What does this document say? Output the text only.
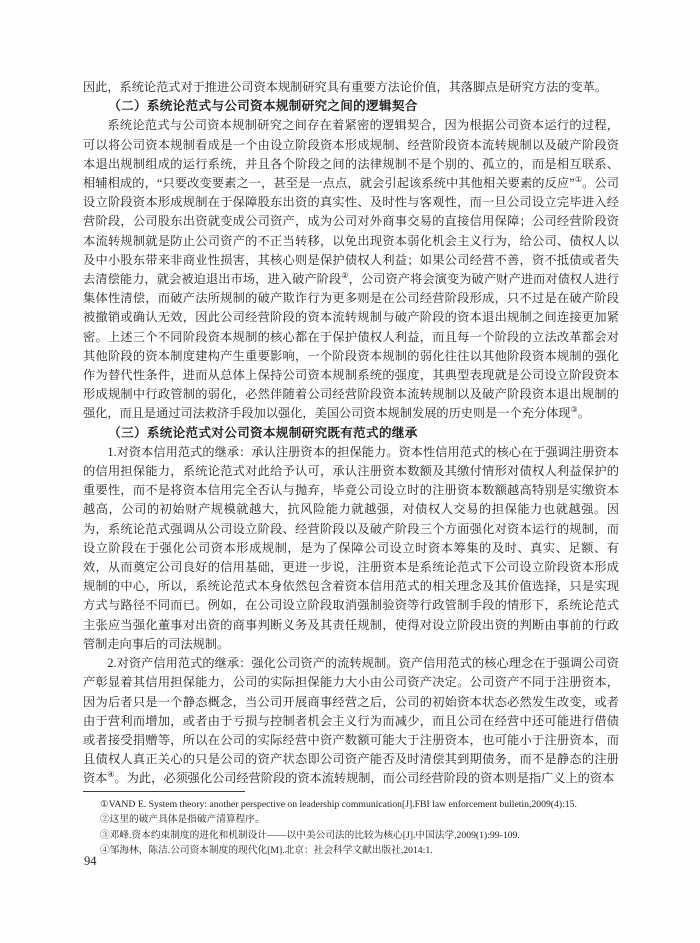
因此，系统论范式对于推进公司资本规制研究具有重要方法论价值，其落脚点是研究方法的变革。

（二）系统论范式与公司资本规制研究之间的逻辑契合

系统论范式与公司资本规制研究之间存在着紧密的逻辑契合，因为根据公司资本运行的过程，可以将公司资本规制看成是一个由设立阶段资本形成规制、经营阶段资本流转规制以及破产阶段资本退出规制组成的运行系统，并且各个阶段之间的法律规制不是个别的、孤立的，而是相互联系、相辅相成的，“只要改变要素之一，甚至是一点点，就会引起该系统中其他相关要素的反应”①。公司设立阶段资本形成规制在于保障股东出资的真实性、及时性与客观性，而一旦公司设立完毕进入经营阶段，公司股东出资就变成公司资产，成为公司对外商事交易的直接信用保障；公司经营阶段资本流转规制就是防止公司资产的不正当转移，以免出现资本弱化机会主义行为，给公司、债权人以及中小股东带来非商业性损害，其核心则是保护债权人利益；如果公司经营不善，资不抵债或者失去清偿能力，就会被迫退出市场，进入破产阶段②，公司资产将会演变为破产财产进而对债权人进行集体性清偿，而破产法所规制的破产欺诈行为更多则是在公司经营阶段形成，只不过是在破产阶段被撤销或确认无效，因此公司经营阶段的资本流转规制与破产阶段的资本退出规制之间连接更加紧密。上述三个不同阶段资本规制的核心都在于保护债权人利益，而且每一个阶段的立法改革都会对其他阶段的资本制度建构产生重要影响，一个阶段资本规制的弱化往往以其他阶段资本规制的强化作为替代性条件，进而从总体上保持公司资本规制系统的强度，其典型表现就是公司设立阶段资本形成规制中行政管制的弱化，必然伴随着公司经营阶段资本流转规制以及破产阶段资本退出规制的强化，而且是通过司法救济手段加以强化，美国公司资本规制发展的历史则是一个充分体现③。

（三）系统论范式对公司资本规制研究既有范式的继承

1.对资本信用范式的继承：承认注册资本的担保能力。资本性信用范式的核心在于强调注册资本的信用担保能力，系统论范式对此给予认可，承认注册资本数额及其缴付情形对债权人利益保护的重要性，而不是将资本信用完全否认与抛弃，毕竟公司设立时的注册资本数额越高特别是实缴资本越高，公司的初始财产规模就越大，抗风险能力就越强，对债权人交易的担保能力也就越强。因为，系统论范式强调从公司设立阶段、经营阶段以及破产阶段三个方面强化对资本运行的规制，而设立阶段在于强化公司资本形成规制，是为了保障公司设立时资本筹集的及时、真实、足额、有效，从而奠定公司良好的信用基础，更进一步说，注册资本是系统论范式下公司设立阶段资本形成规制的中心，所以，系统论范式本身依然包含着资本信用范式的相关理念及其价值选择，只是实现方式与路径不同而已。例如，在公司设立阶段取消强制验资等行政管制手段的情形下，系统论范式主张应当强化董事对出资的商事判断义务及其责任规制，使得对设立阶段出资的判断由事前的行政管制走向事后的司法规制。

2.对资产信用范式的继承：强化公司资产的流转规制。资产信用范式的核心理念在于强调公司资产彰显着其信用担保能力，公司的实际担保能力大小由公司资产决定。公司资产不同于注册资本，因为后者只是一个静态概念，当公司开展商事经营之后，公司的初始资本状态必然发生改变，或者由于营利而增加，或者由于亏损与控制者机会主义行为而减少，而且公司在经营中还可能进行借债或者接受捐赠等，所以在公司的实际经营中资产数额可能大于注册资本，也可能小于注册资本，而且债权人真正关心的只是公司的资产状态即公司资产能否及时清偿其到期债务，而不是静态的注册资本④。为此，必须强化公司经营阶段的资本流转规制，而公司经营阶段的资本则是指广义上的资本

①VAND E. System theory: another perspective on leadership communication[J].FBI law enforcement bulletin,2009(4):15.

②这里的破产具体是指破产清算程序。

③邓峰.资本约束制度的进化和机制设计——以中美公司法的比较为核心[J].中国法学,2009(1):99-109.

④邹海林，陈洁.公司资本制度的现代化[M].北京：社会科学文献出版社,2014:1.

94
